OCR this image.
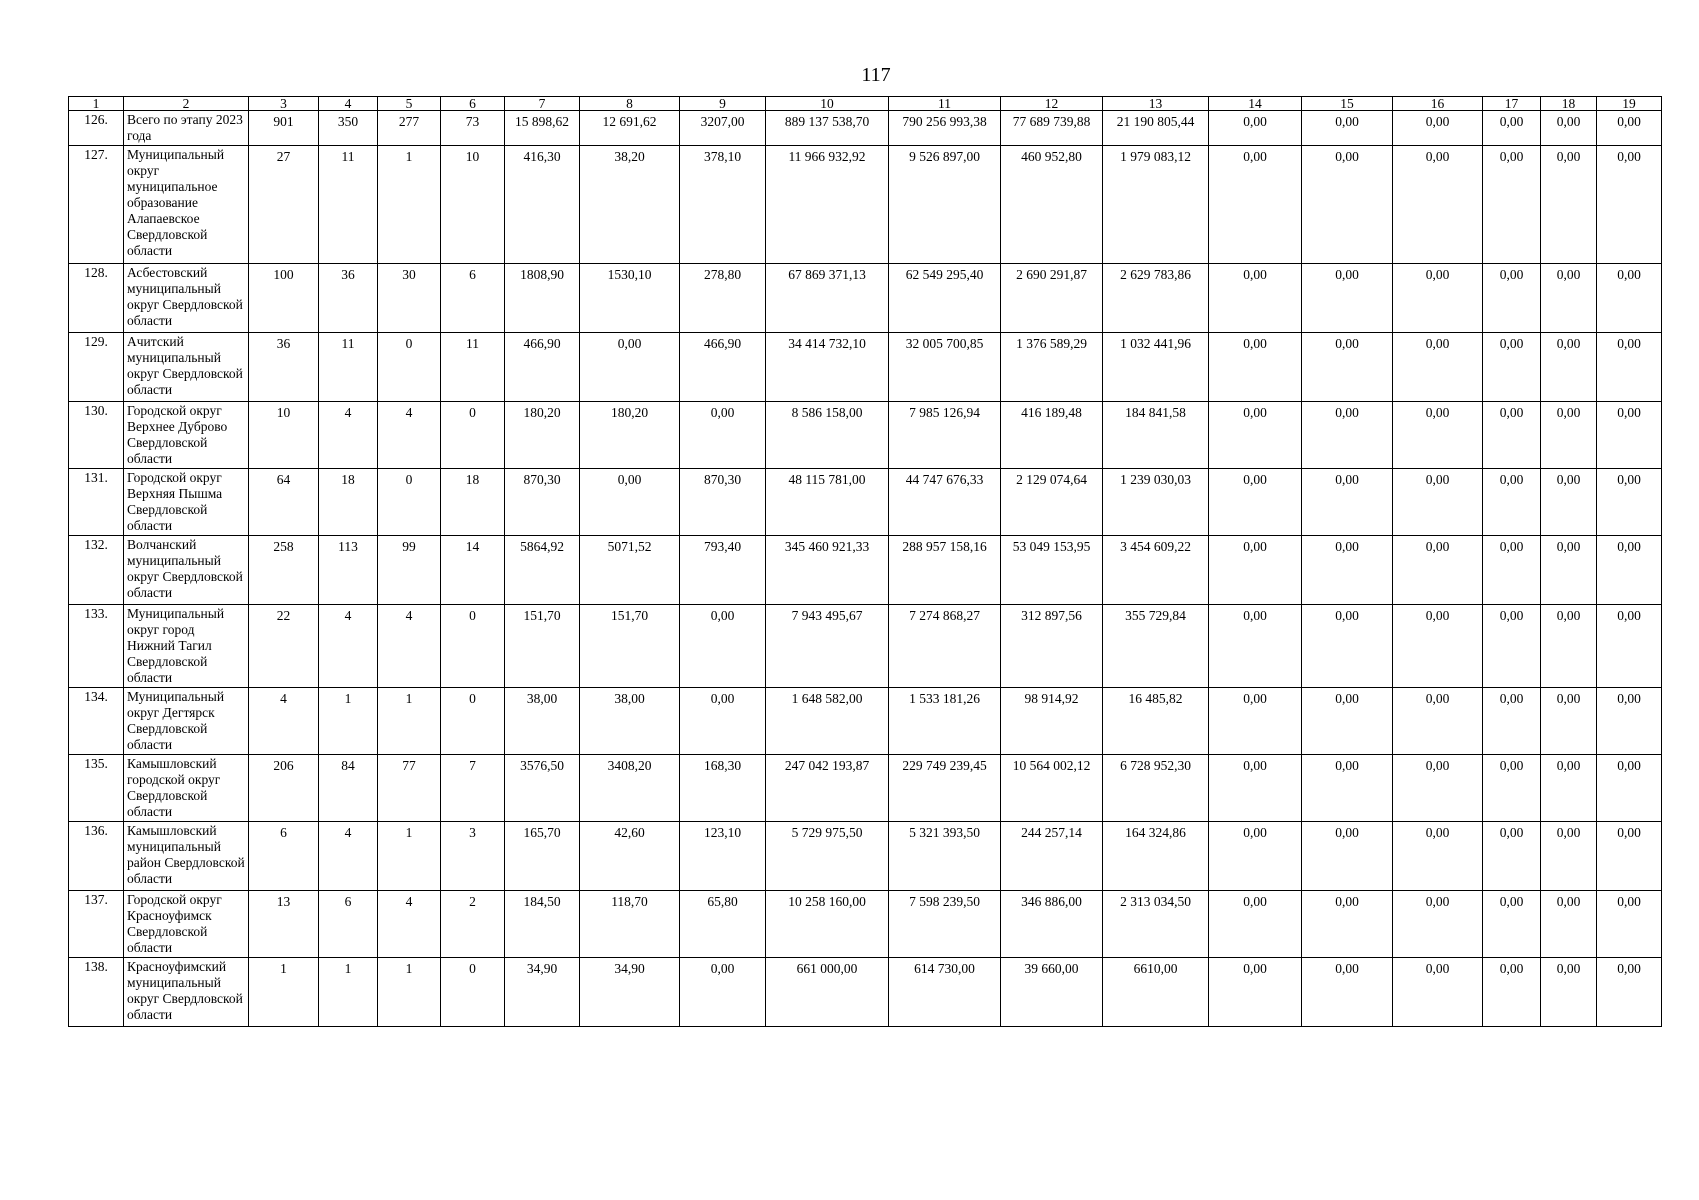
117
1	2	3	4	5	6	7	8	9	10	11	12	13	14	15	16	17	18	19
126.	Всего по этапу 2023 года	901	350	277	73	15 898,62	12 691,62	3207,00	889 137 538,70	790 256 993,38	77 689 739,88	21 190 805,44	0,00	0,00	0,00	0,00	0,00	0,00
127.	Муниципальный округ муниципальное образование Алапаевское Свердловской области	27	11	1	10	416,30	38,20	378,10	11 966 932,92	9 526 897,00	460 952,80	1 979 083,12	0,00	0,00	0,00	0,00	0,00	0,00
128.	Асбестовский муниципальный округ Свердловской области	100	36	30	6	1808,90	1530,10	278,80	67 869 371,13	62 549 295,40	2 690 291,87	2 629 783,86	0,00	0,00	0,00	0,00	0,00	0,00
129.	Ачитский муниципальный округ Свердловской области	36	11	0	11	466,90	0,00	466,90	34 414 732,10	32 005 700,85	1 376 589,29	1 032 441,96	0,00	0,00	0,00	0,00	0,00	0,00
130.	Городской округ Верхнее Дуброво Свердловской области	10	4	4	0	180,20	180,20	0,00	8 586 158,00	7 985 126,94	416 189,48	184 841,58	0,00	0,00	0,00	0,00	0,00	0,00
131.	Городской округ Верхняя Пышма Свердловской области	64	18	0	18	870,30	0,00	870,30	48 115 781,00	44 747 676,33	2 129 074,64	1 239 030,03	0,00	0,00	0,00	0,00	0,00	0,00
132.	Волчанский муниципальный округ Свердловской области	258	113	99	14	5864,92	5071,52	793,40	345 460 921,33	288 957 158,16	53 049 153,95	3 454 609,22	0,00	0,00	0,00	0,00	0,00	0,00
133.	Муниципальный округ город Нижний Тагил Свердловской области	22	4	4	0	151,70	151,70	0,00	7 943 495,67	7 274 868,27	312 897,56	355 729,84	0,00	0,00	0,00	0,00	0,00	0,00
134.	Муниципальный округ Дегтярск Свердловской области	4	1	1	0	38,00	38,00	0,00	1 648 582,00	1 533 181,26	98 914,92	16 485,82	0,00	0,00	0,00	0,00	0,00	0,00
135.	Камышловский городской округ Свердловской области	206	84	77	7	3576,50	3408,20	168,30	247 042 193,87	229 749 239,45	10 564 002,12	6 728 952,30	0,00	0,00	0,00	0,00	0,00	0,00
136.	Камышловский муниципальный район Свердловской области	6	4	1	3	165,70	42,60	123,10	5 729 975,50	5 321 393,50	244 257,14	164 324,86	0,00	0,00	0,00	0,00	0,00	0,00
137.	Городской округ Красноуфимск Свердловской области	13	6	4	2	184,50	118,70	65,80	10 258 160,00	7 598 239,50	346 886,00	2 313 034,50	0,00	0,00	0,00	0,00	0,00	0,00
138.	Красноуфимский муниципальный округ Свердловской области	1	1	1	0	34,90	34,90	0,00	661 000,00	614 730,00	39 660,00	6610,00	0,00	0,00	0,00	0,00	0,00	0,00
